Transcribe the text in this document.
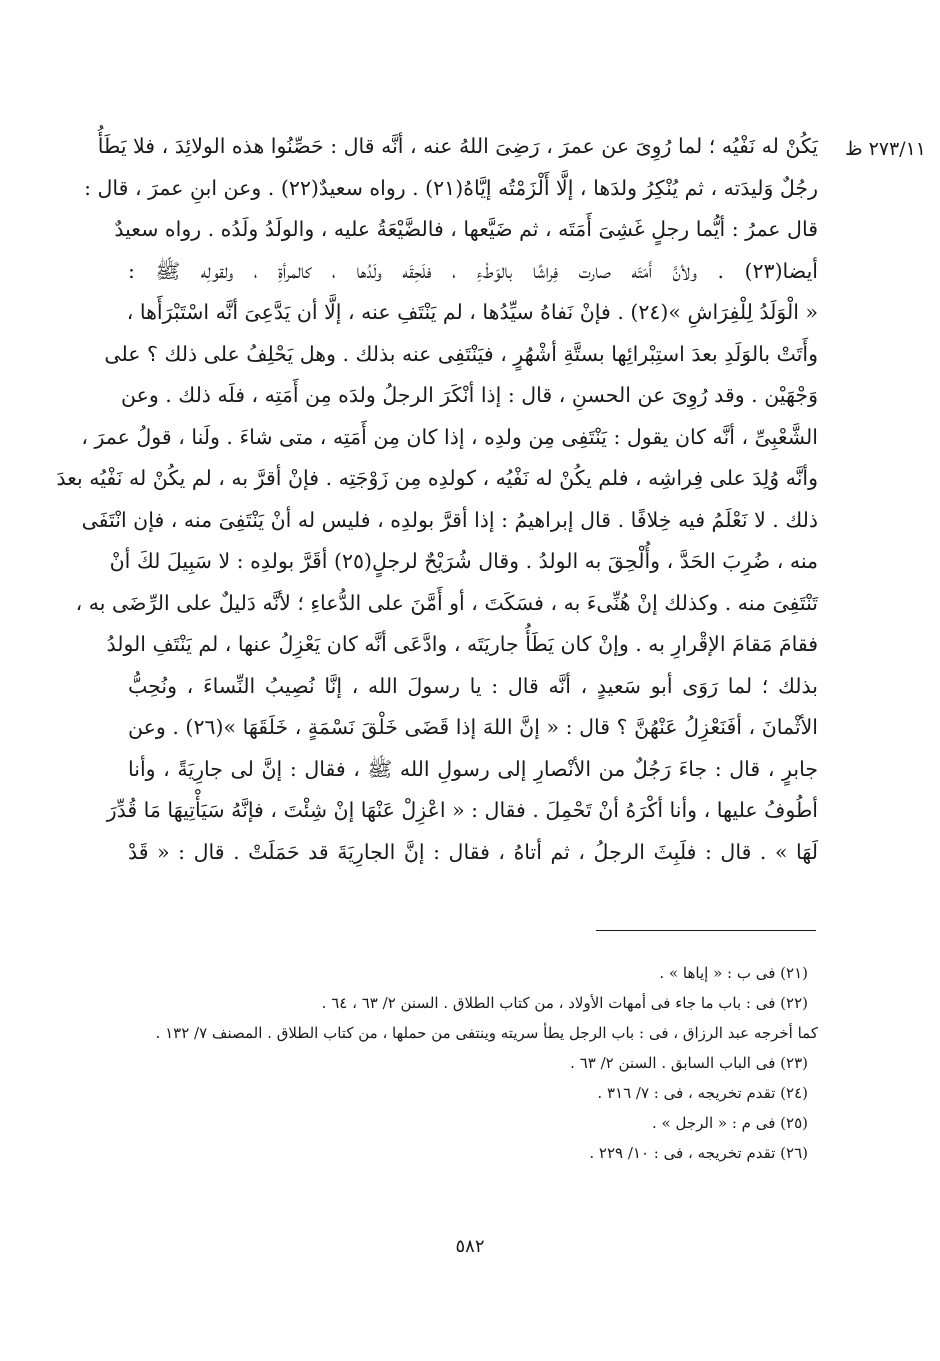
٢٧٣/١١ ظ
يَكُنْ له نَفْيُه ؛ لما رُوِىَ عن عمرَ ، رَضِىَ اللهُ عنه ، أنَّه قال : حَصِّنُوا هذه الولائِدَ ، فلا يَطَأُ
رجُلٌ وَليدَته ، ثم يُنْكِرُ ولدَها ، إلَّا أَلْزَمْتُه إيَّاهُ(٢١) . رواه سعيدٌ(٢٢) . وعن ابنِ عمرَ ، قال :
قال عمرُ : أيُّما رجلٍ غَشِىَ أَمَتَه ، ثم ضَيَّعها ، فالضَّيْعَةُ عليه ، والولَدُ ولَدُه . رواه سعيدٌ
أيضا(٢٣) . ولأنَّ أَمَتَه صارت فِراشًا بالوَطْءِ ، فلَحِقَه ولَدُها ، كالمرأةِ ، ولقولِه ﷺ :
« الْوَلَدُ لِلْفِرَاشِ »(٢٤) . فإنْ نَفاهُ سيِّدُها ، لم يَنْتَفِ عنه ، إلَّا أن يَدَّعِىَ أنَّه اسْتَبْرَأَها ،
وأَتَتْ بالوَلَدِ بعدَ استِبْرائِها بستَّةِ أشْهُرٍ ، فيَنْتَفِى عنه بذلك . وهل يَحْلِفُ على ذلك ؟ على
وَجْهَيْن . وقد رُوِىَ عن الحسنِ ، قال : إذا أنْكَرَ الرجلُ ولدَه مِن أَمَتِه ، فلَه ذلك . وعن
الشَّعْبِىِّ ، أنَّه كان يقول : يَنْتَفِى مِن ولدِه ، إذا كان مِن أَمَتِه ، متى شاءَ . ولَنا ، قولُ عمرَ ،
وأنَّه وُلِدَ على فِراشِه ، فلم يكُنْ له نَفْيُه ، كولدِه مِن زَوْجَتِه . فإنْ أقرَّ به ، لم يكُنْ له نَفْيُه بعدَ
ذلك . لا نَعْلَمُ فيه خِلافًا . قال إبراهيمُ : إذا أقرَّ بولدِه ، فليس له أنْ يَنْتَفِىَ منه ، فإن انْتَفَى
منه ، ضُرِبَ الحَدَّ ، وأُلْحِقَ به الولدُ . وقال شُرَيْحٌ لرجلٍ(٢٥) أقَرَّ بولدِه : لا سَبِيلَ لكَ أنْ
تَنْتَفِىَ منه . وكذلك إنْ هُنِّىءَ به ، فسَكَتَ ، أو أَمَّنَ على الدُّعاءِ ؛ لأنَّه دَليلٌ على الرِّضَى به ،
فقامَ مَقامَ الإقْرارِ به . وإنْ كان يَطَأُ جاريَتَه ، وادَّعَى أنَّه كان يَعْزِلُ عنها ، لم يَنْتَفِ الولدُ
بذلك ؛ لما رَوَى أبو سَعيدٍ ، أنَّه قال : يا رسولَ الله ، إنَّا نُصِيبُ النِّساءَ ، ونُحِبُّ
الأثْمانَ ، أفَنَعْزِلُ عَنْهُنَّ ؟ قال : « إنَّ اللهَ إذا قَضَى خَلْقَ نَسْمَةٍ ، خَلَقَهَا »(٢٦) . وعن
جابرٍ ، قال : جاءَ رَجُلٌ من الأنْصارِ إلى رسولِ الله ﷺ ، فقال : إنَّ لى جارِيَةً ، وأنا
أطُوفُ عليها ، وأنا أكْرَهُ أنْ تَحْمِلَ . فقال : « اعْزِلْ عَنْهَا إنْ شِئْتَ ، فإنَّهُ سَيَأْتِيهَا مَا قُدِّرَ
لَهَا » . قال : فلَبِثَ الرجلُ ، ثم أتاهُ ، فقال : إنَّ الجارِيَةَ قد حَمَلَتْ . قال : « قَدْ
(٢١) فى ب : « إياها » .
(٢٢) فى : باب ما جاء فى أمهات الأولاد ، من كتاب الطلاق . السنن ٢/ ٦٣ ، ٦٤ .
كما أخرجه عبد الرزاق ، فى : باب الرجل يطأ سريته وينتفى من حملها ، من كتاب الطلاق . المصنف ٧/ ١٣٢ .
(٢٣) فى الباب السابق . السنن ٢/ ٦٣ .
(٢٤) تقدم تخريجه ، فى : ٧/ ٣١٦ .
(٢٥) فى م : « الرجل » .
(٢٦) تقدم تخريجه ، فى : ١٠/ ٢٢٩ .
٥٨٢
